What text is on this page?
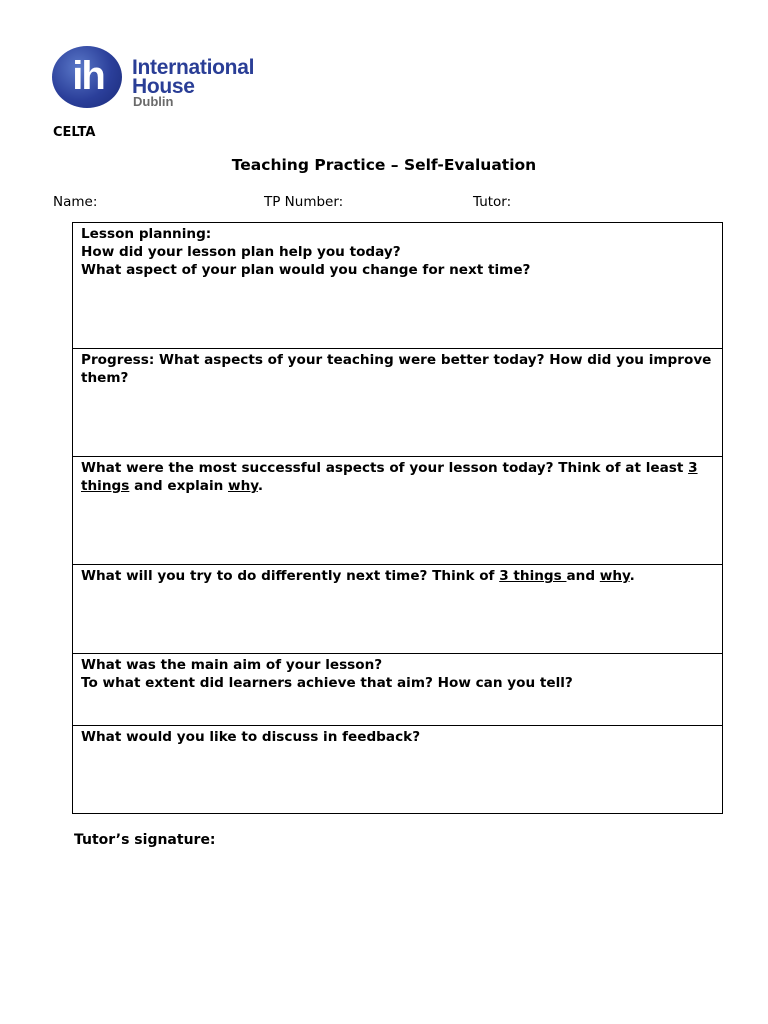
ih	International
House
Dublin
CELTA
Teaching Practice – Self-Evaluation
Name:	TP Number:	Tutor:
Lesson planning:
How did your lesson plan help you today?
What aspect of your plan would you change for next time?
Progress: What aspects of your teaching were better today? How did you improve them?
What were the most successful aspects of your lesson today? Think of at least 3 things and explain why.
What will you try to do differently next time? Think of 3 things and why.
What was the main aim of your lesson?
To what extent did learners achieve that aim? How can you tell?
What would you like to discuss in feedback?
Tutor’s signature:
